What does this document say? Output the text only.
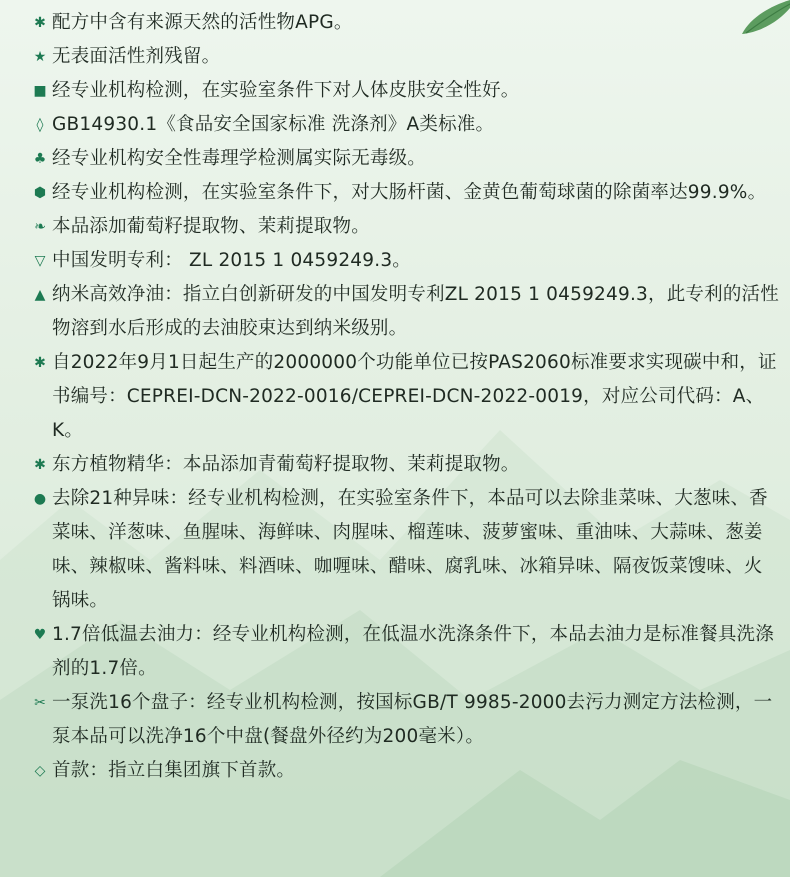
✱ 配方中含有来源天然的活性物APG。
★ 无表面活性剂残留。
■ 经专业机构检测，在实验室条件下对人体皮肤安全性好。
◊ GB14930.1《食品安全国家标准 洗涤剂》A类标准。
♣ 经专业机构安全性毒理学检测属实际无毒级。
⬢ 经专业机构检测，在实验室条件下，对大肠杆菌、金黄色葡萄球菌的除菌率达99.9%。
❧ 本品添加葡萄籽提取物、茉莉提取物。
▽ 中国发明专利： ZL 2015 1 0459249.3。
▲ 纳米高效净油：指立白创新研发的中国发明专利ZL 2015 1 0459249.3，此专利的活性物溶到水后形成的去油胶束达到纳米级别。
✱ 自2022年9月1日起生产的2000000个功能单位已按PAS2060标准要求实现碳中和，证书编号：CEPREI-DCN-2022-0016/CEPREI-DCN-2022-0019，对应公司代码：A、K。
✱ 东方植物精华：本品添加青葡萄籽提取物、茉莉提取物。
● 去除21种异味：经专业机构检测，在实验室条件下，本品可以去除韭菜味、大葱味、香菜味、洋葱味、鱼腥味、海鲜味、肉腥味、榴莲味、菠萝蜜味、重油味、大蒜味、葱姜味、辣椒味、酱料味、料酒味、咖喱味、醋味、腐乳味、冰箱异味、隔夜饭菜馊味、火锅味。
♥ 1.7倍低温去油力：经专业机构检测，在低温水洗涤条件下，本品去油力是标准餐具洗涤剂的1.7倍。
✂ 一泵洗16个盘子：经专业机构检测，按国标GB/T 9985-2000去污力测定方法检测，一泵本品可以洗净16个中盘(餐盘外径约为200毫米）。
◇ 首款：指立白集团旗下首款。
